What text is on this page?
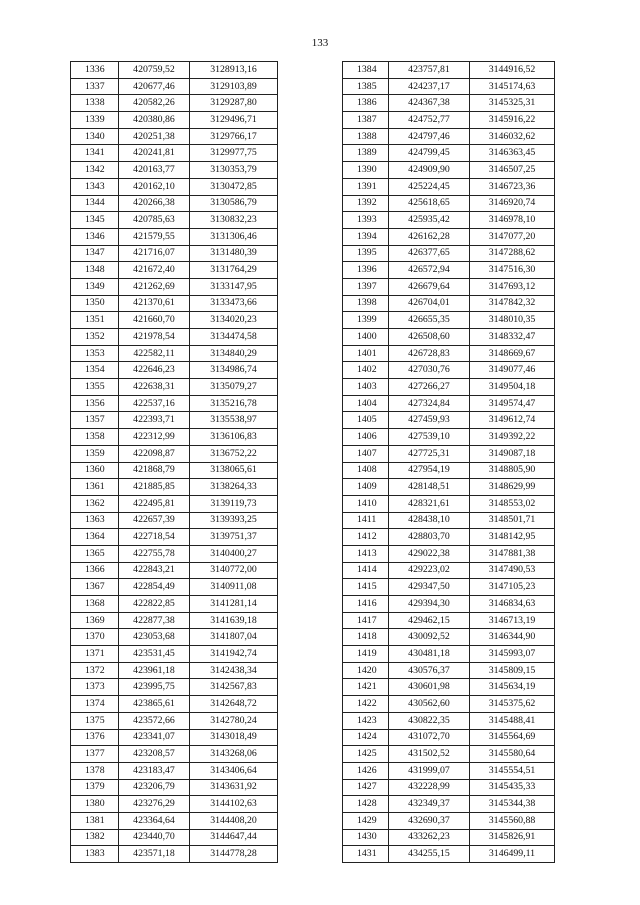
133
1336	420759,52	3128913,16
1337	420677,46	3129103,89
1338	420582,26	3129287,80
1339	420380,86	3129496,71
1340	420251,38	3129766,17
1341	420241,81	3129977,75
1342	420163,77	3130353,79
1343	420162,10	3130472,85
1344	420266,38	3130586,79
1345	420785,63	3130832,23
1346	421579,55	3131306,46
1347	421716,07	3131480,39
1348	421672,40	3131764,29
1349	421262,69	3133147,95
1350	421370,61	3133473,66
1351	421660,70	3134020,23
1352	421978,54	3134474,58
1353	422582,11	3134840,29
1354	422646,23	3134986,74
1355	422638,31	3135079,27
1356	422537,16	3135216,78
1357	422393,71	3135538,97
1358	422312,99	3136106,83
1359	422098,87	3136752,22
1360	421868,79	3138065,61
1361	421885,85	3138264,33
1362	422495,81	3139119,73
1363	422657,39	3139393,25
1364	422718,54	3139751,37
1365	422755,78	3140400,27
1366	422843,21	3140772,00
1367	422854,49	3140911,08
1368	422822,85	3141281,14
1369	422877,38	3141639,18
1370	423053,68	3141807,04
1371	423531,45	3141942,74
1372	423961,18	3142438,34
1373	423995,75	3142567,83
1374	423865,61	3142648,72
1375	423572,66	3142780,24
1376	423341,07	3143018,49
1377	423208,57	3143268,06
1378	423183,47	3143406,64
1379	423206,79	3143631,92
1380	423276,29	3144102,63
1381	423364,64	3144408,20
1382	423440,70	3144647,44
1383	423571,18	3144778,28
1384	423757,81	3144916,52
1385	424237,17	3145174,63
1386	424367,38	3145325,31
1387	424752,77	3145916,22
1388	424797,46	3146032,62
1389	424799,45	3146363,45
1390	424909,90	3146507,25
1391	425224,45	3146723,36
1392	425618,65	3146920,74
1393	425935,42	3146978,10
1394	426162,28	3147077,20
1395	426377,65	3147288,62
1396	426572,94	3147516,30
1397	426679,64	3147693,12
1398	426704,01	3147842,32
1399	426655,35	3148010,35
1400	426508,60	3148332,47
1401	426728,83	3148669,67
1402	427030,76	3149077,46
1403	427266,27	3149504,18
1404	427324,84	3149574,47
1405	427459,93	3149612,74
1406	427539,10	3149392,22
1407	427725,31	3149087,18
1408	427954,19	3148805,90
1409	428148,51	3148629,99
1410	428321,61	3148553,02
1411	428438,10	3148501,71
1412	428803,70	3148142,95
1413	429022,38	3147881,38
1414	429223,02	3147490,53
1415	429347,50	3147105,23
1416	429394,30	3146834,63
1417	429462,15	3146713,19
1418	430092,52	3146344,90
1419	430481,18	3145993,07
1420	430576,37	3145809,15
1421	430601,98	3145634,19
1422	430562,60	3145375,62
1423	430822,35	3145488,41
1424	431072,70	3145564,69
1425	431502,52	3145580,64
1426	431999,07	3145554,51
1427	432228,99	3145435,33
1428	432349,37	3145344,38
1429	432690,37	3145560,88
1430	433262,23	3145826,91
1431	434255,15	3146499,11
